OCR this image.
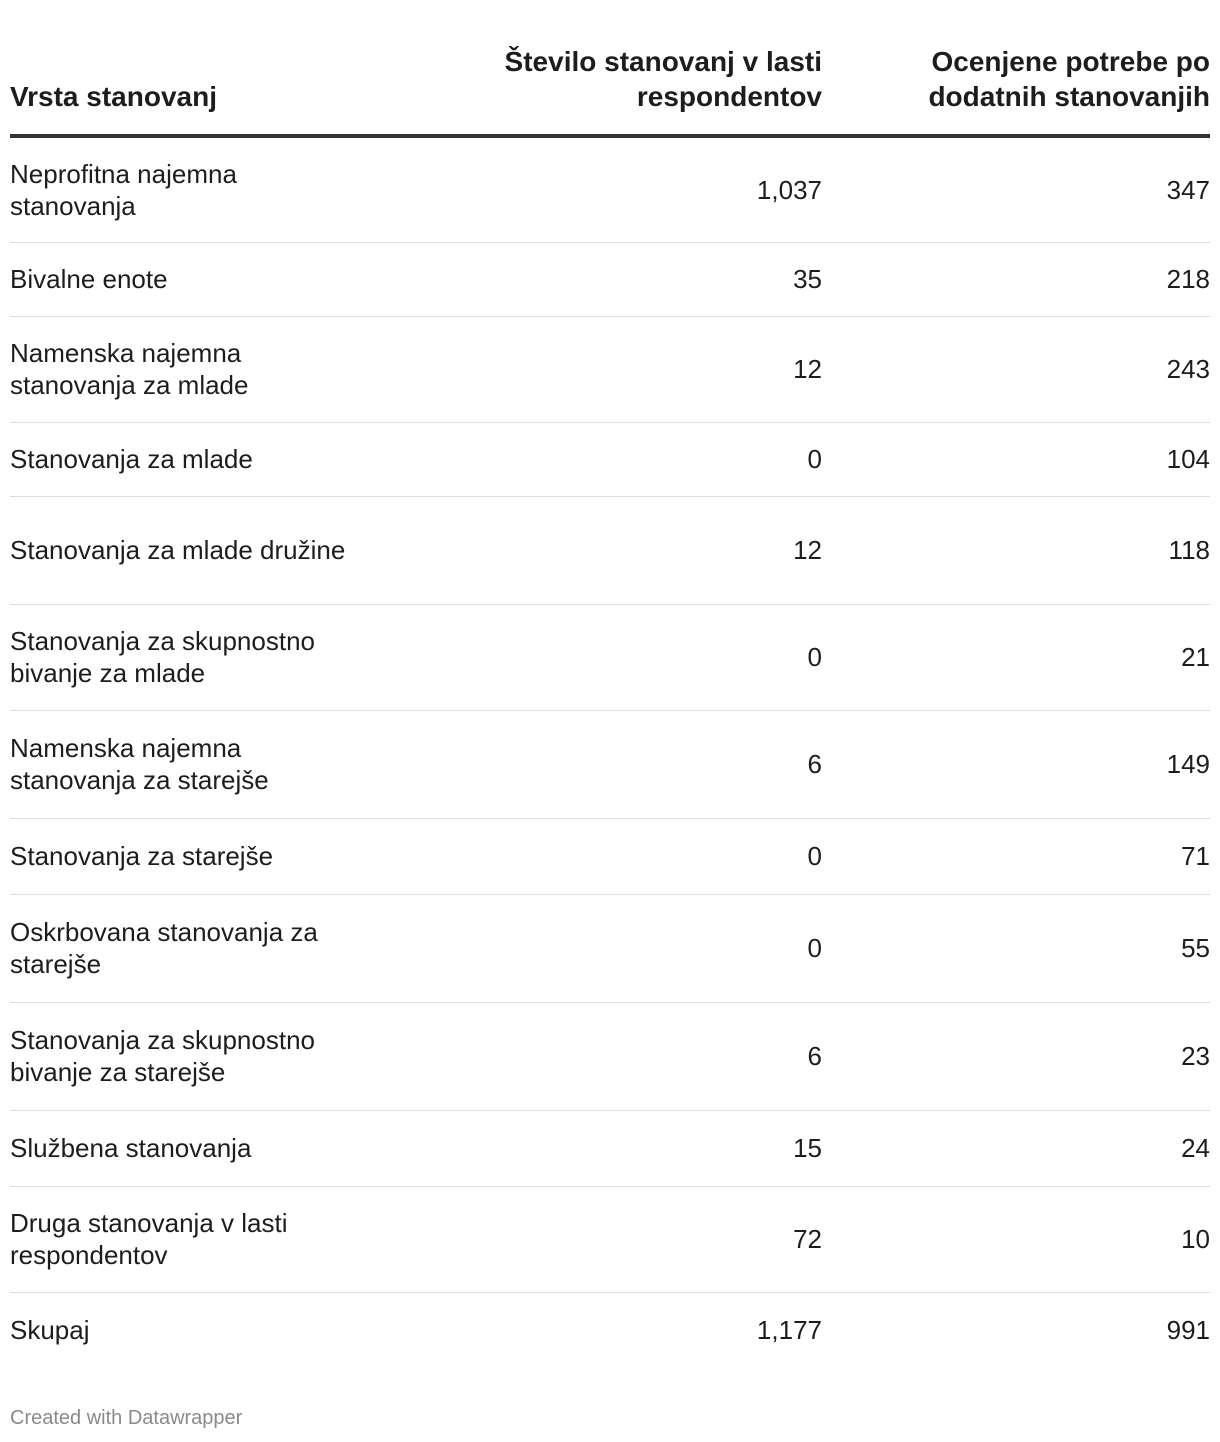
Vrsta stanovanj	Število stanovanj v lasti respondentov	Ocenjene potrebe po dodatnih stanovanjih

Neprofitna najemna stanovanja	1,037	347

Bivalne enote	35	218

Namenska najemna stanovanja za mlade	12	243

Stanovanja za mlade	0	104

Stanovanja za mlade družine	12	118

Stanovanja za skupnostno bivanje za mlade	0	21

Namenska najemna stanovanja za starejše	6	149

Stanovanja za starejše	0	71

Oskrbovana stanovanja za starejše	0	55

Stanovanja za skupnostno bivanje za starejše	6	23

Službena stanovanja	15	24

Druga stanovanja v lasti respondentov	72	10

Skupaj	1,177	991
Created with Datawrapper
